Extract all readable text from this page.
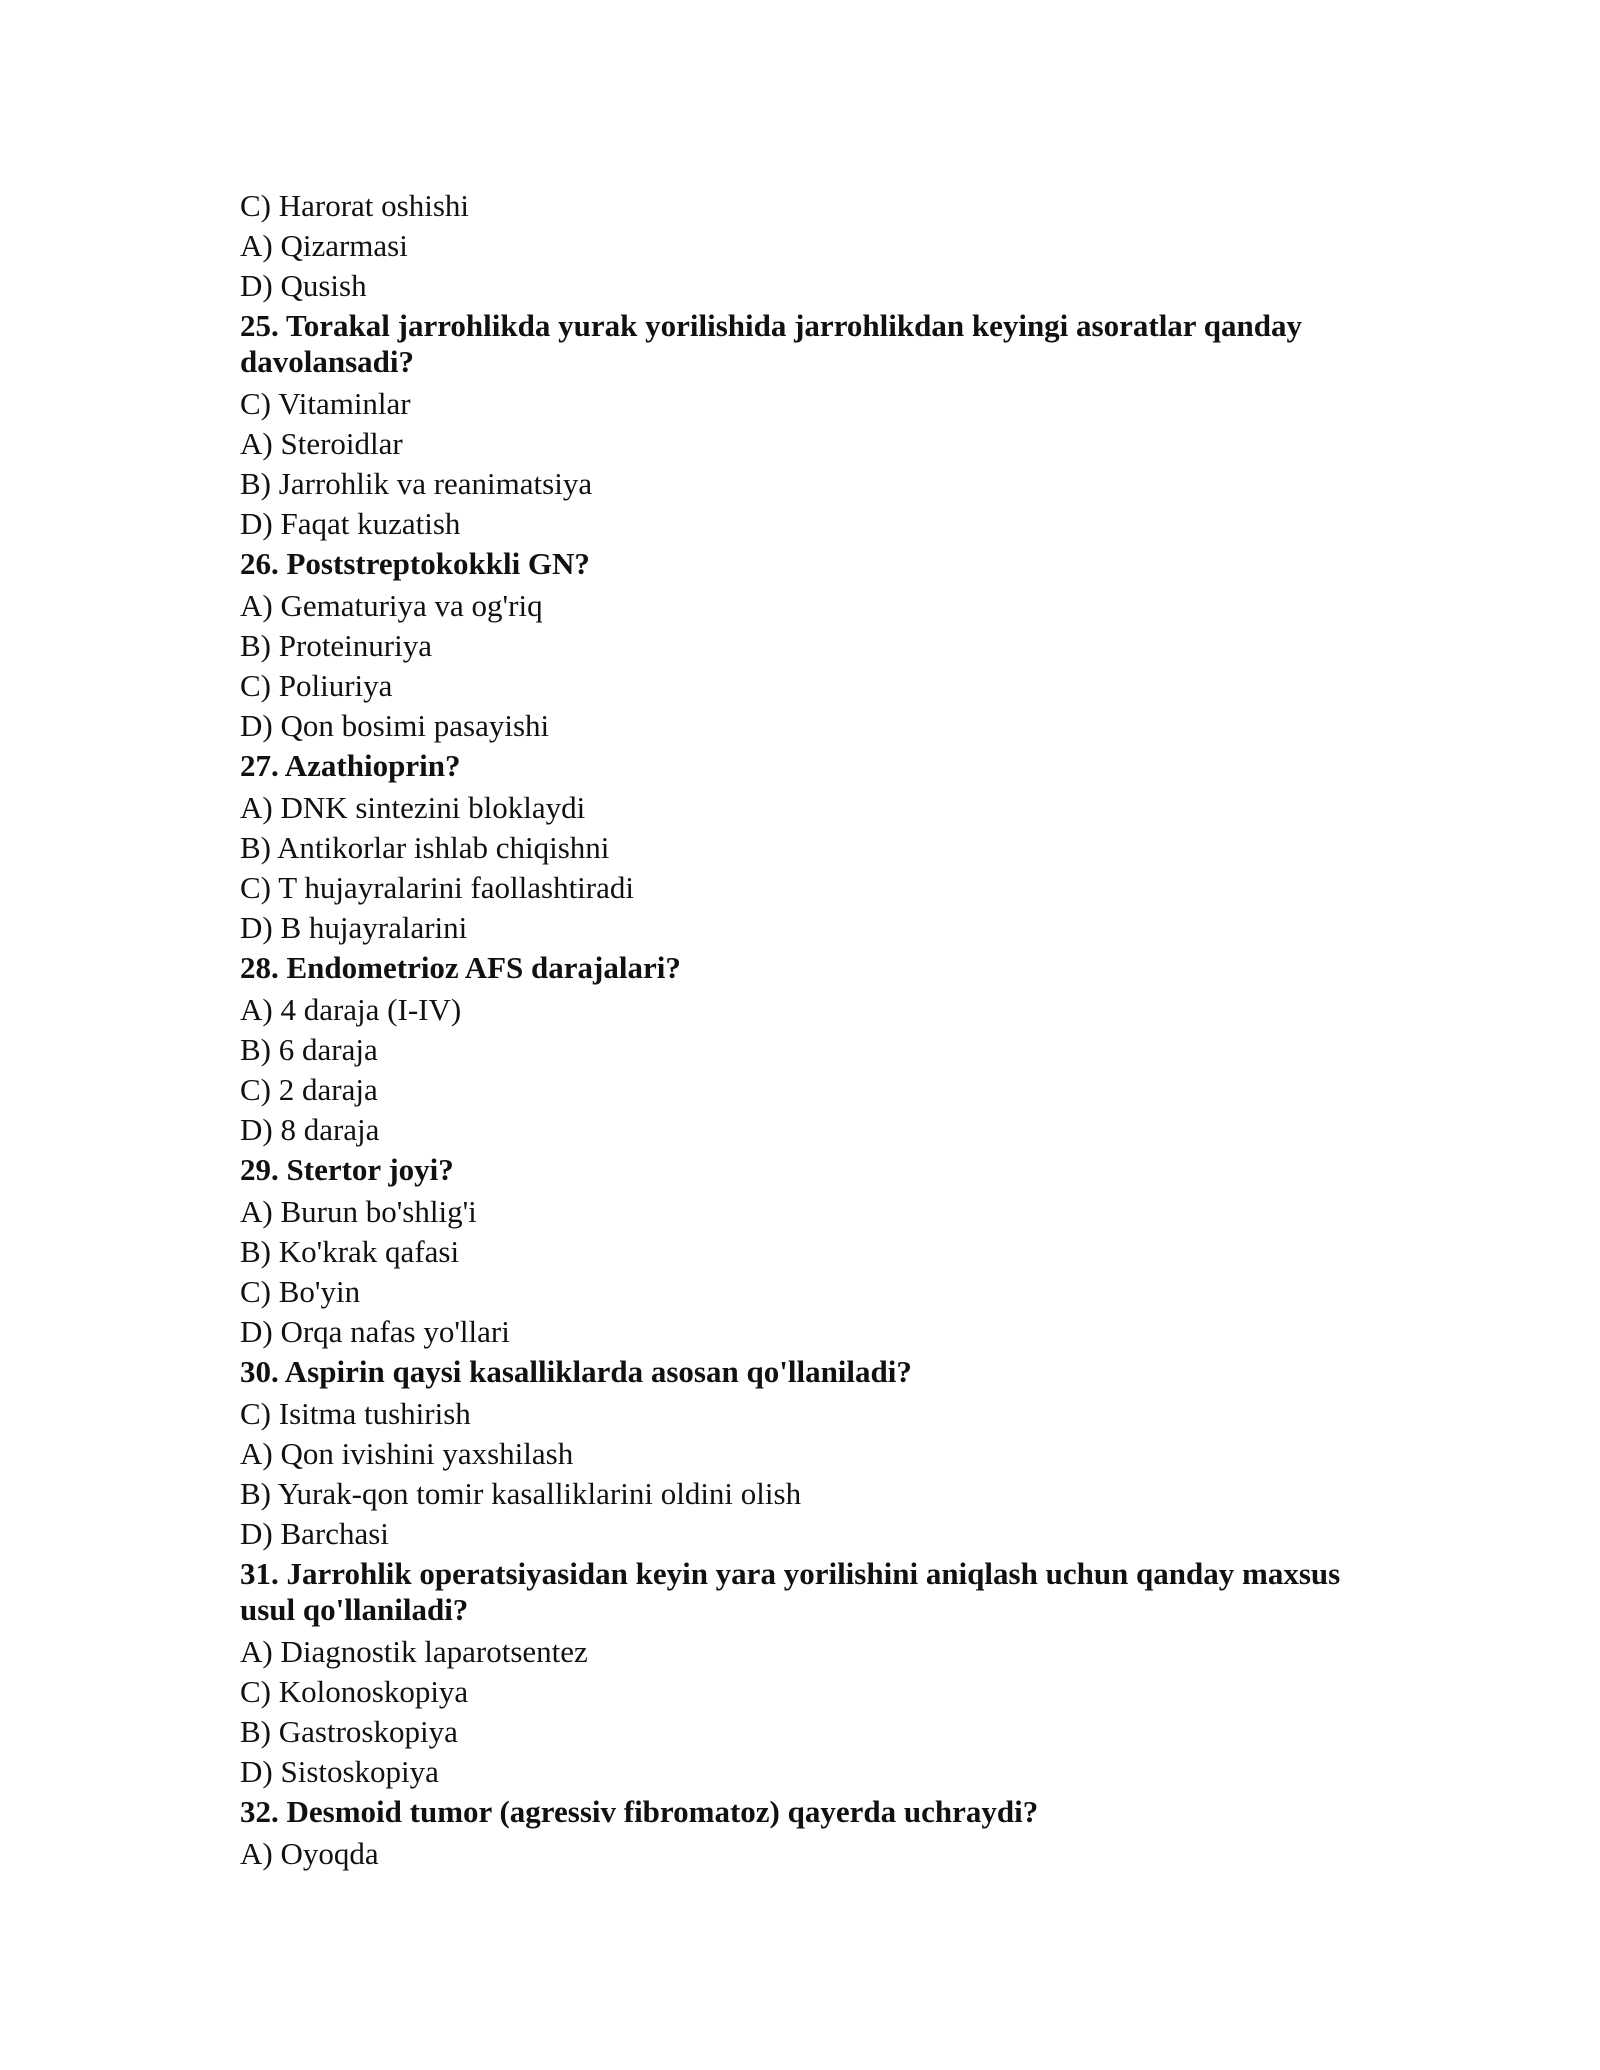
C) Harorat oshishi
A) Qizarmasi
D) Qusish
25. Torakal jarrohlikda yurak yorilishida jarrohlikdan keyingi asoratlar qanday davolansadi?
C) Vitaminlar
A) Steroidlar
B) Jarrohlik va reanimatsiya
D) Faqat kuzatish
26. Poststreptokokkli GN?
A) Gematuriya va og'riq
B) Proteinuriya
C) Poliuriya
D) Qon bosimi pasayishi
27. Azathioprin?
A) DNK sintezini bloklaydi
B) Antikorlar ishlab chiqishni
C) T hujayralarini faollashtiradi
D) B hujayralarini
28. Endometrioz AFS darajalari?
A) 4 daraja (I-IV)
B) 6 daraja
C) 2 daraja
D) 8 daraja
29. Stertor joyi?
A) Burun bo'shlig'i
B) Ko'krak qafasi
C) Bo'yin
D) Orqa nafas yo'llari
30. Aspirin qaysi kasalliklarda asosan qo'llaniladi?
C) Isitma tushirish
A) Qon ivishini yaxshilash
B) Yurak-qon tomir kasalliklarini oldini olish
D) Barchasi
31. Jarrohlik operatsiyasidan keyin yara yorilishini aniqlash uchun qanday maxsus usul qo'llaniladi?
A) Diagnostik laparotsentez
C) Kolonoskopiya
B) Gastroskopiya
D) Sistoskopiya
32. Desmoid tumor (agressiv fibromatoz) qayerda uchraydi?
A) Oyoqda
